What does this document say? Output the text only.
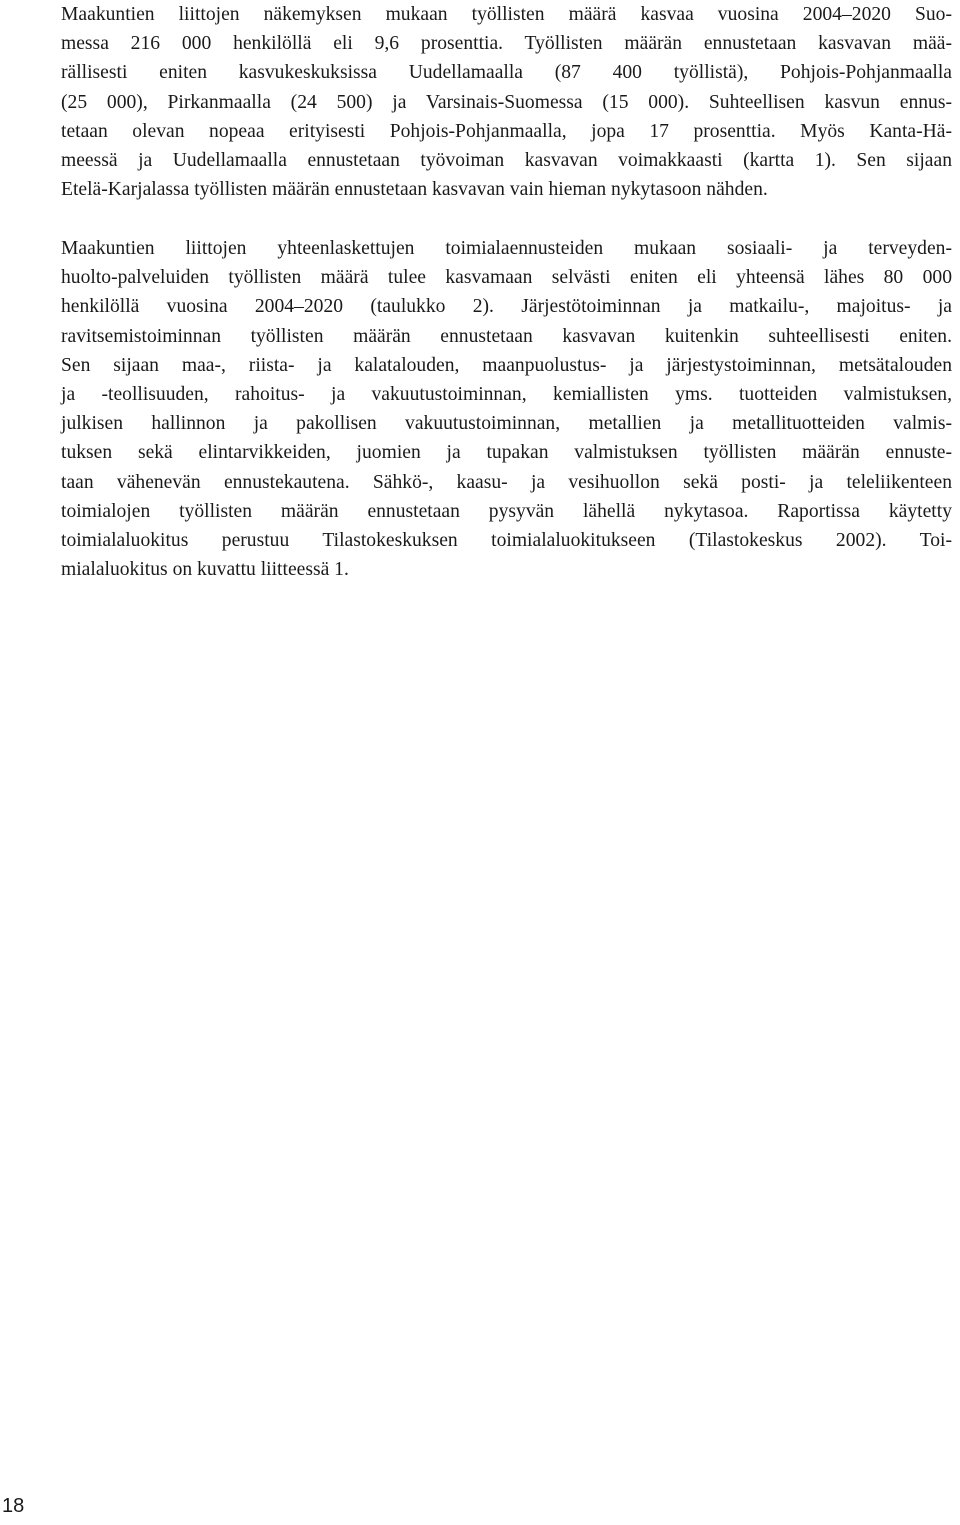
Maakuntien liittojen näkemyksen mukaan työllisten määrä kasvaa vuosina 2004–2020 Suo-
messa 216 000 henkilöllä eli 9,6 prosenttia. Työllisten määrän ennustetaan kasvavan mää-
rällisesti eniten kasvukeskuksissa Uudellamaalla (87 400 työllistä), Pohjois-Pohjanmaalla
(25 000), Pirkanmaalla (24 500) ja Varsinais-Suomessa (15 000). Suhteellisen kasvun ennus-
tetaan olevan nopeaa erityisesti Pohjois-Pohjanmaalla, jopa 17 prosenttia. Myös Kanta-Hä-
meessä ja Uudellamaalla ennustetaan työvoiman kasvavan voimakkaasti (kartta 1). Sen sijaan
Etelä-Karjalassa työllisten määrän ennustetaan kasvavan vain hieman nykytasoon nähden.
Maakuntien liittojen yhteenlaskettujen toimialaennusteiden mukaan sosiaali- ja terveyden-
huolto-palveluiden työllisten määrä tulee kasvamaan selvästi eniten eli yhteensä lähes 80 000
henkilöllä vuosina 2004–2020 (taulukko 2). Järjestötoiminnan ja matkailu-, majoitus- ja
ravitsemistoiminnan työllisten määrän ennustetaan kasvavan kuitenkin suhteellisesti eniten.
Sen sijaan maa-, riista- ja kalatalouden, maanpuolustus- ja järjestystoiminnan, metsätalouden
ja -teollisuuden, rahoitus- ja vakuutustoiminnan, kemiallisten yms. tuotteiden valmistuksen,
julkisen hallinnon ja pakollisen vakuutustoiminnan, metallien ja metallituotteiden valmis-
tuksen sekä elintarvikkeiden, juomien ja tupakan valmistuksen työllisten määrän ennuste-
taan vähenevän ennustekautena. Sähkö-, kaasu- ja vesihuollon sekä posti- ja teleliikenteen
toimialojen työllisten määrän ennustetaan pysyvän lähellä nykytasoa. Raportissa käytetty
toimialaluokitus perustuu Tilastokeskuksen toimialaluokitukseen (Tilastokeskus 2002). Toi-
mialaluokitus on kuvattu liitteessä 1.
18
